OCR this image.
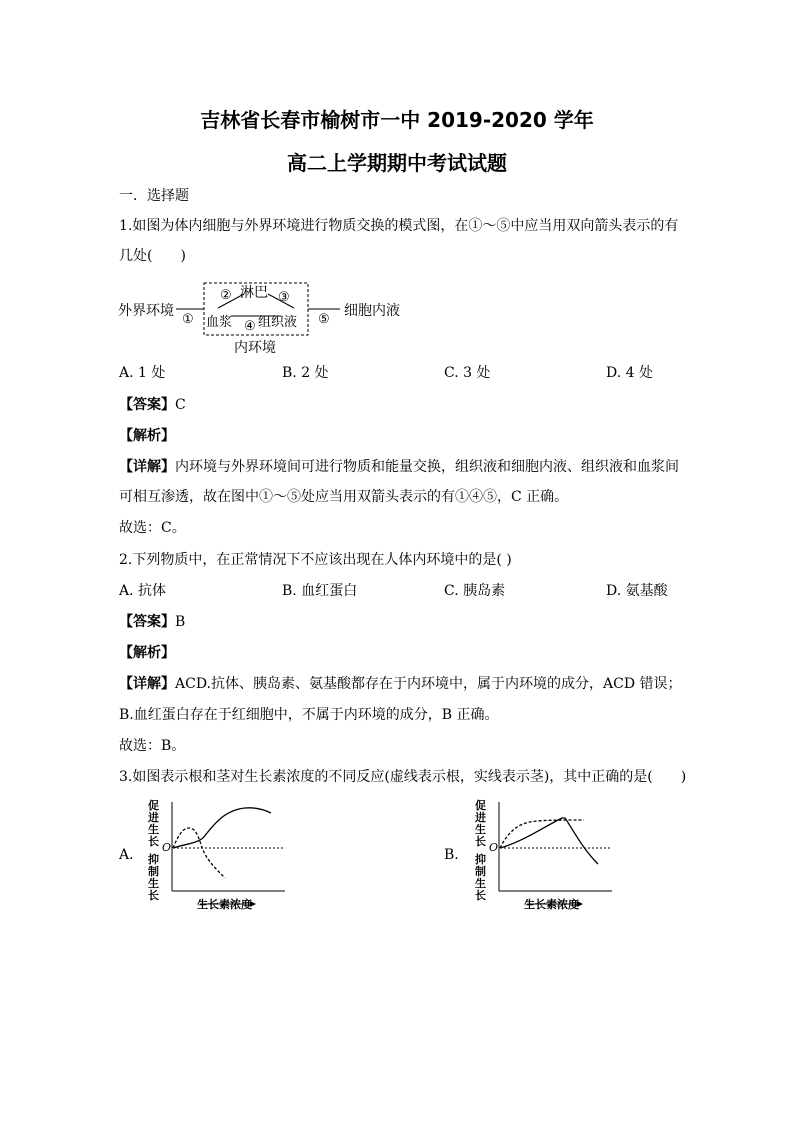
吉林省长春市榆树市一中 2019-2020 学年
高二上学期期中考试试题
一．选择题
1.如图为体内细胞与外界环境进行物质交换的模式图，在①～⑤中应当用双向箭头表示的有
几处(　　)
外界环境
淋巴
血浆 组织液
细胞内液
内环境
①
②	③
④	⑤
A. 1 处	B. 2 处	C. 3 处	D. 4 处
【答案】C
【解析】
【详解】内环境与外界环境间可进行物质和能量交换，组织液和细胞内液、组织液和血浆间
可相互渗透，故在图中①～⑤处应当用双箭头表示的有①④⑤，C 正确。
故选：C。
2.下列物质中，在正常情况下不应该出现在人体内环境中的是( )
A. 抗体	B. 血红蛋白	C. 胰岛素	D. 氨基酸
【答案】B
【解析】
【详解】ACD.抗体、胰岛素、氨基酸都存在于内环境中，属于内环境的成分，ACD 错误；
B.血红蛋白存在于红细胞中，不属于内环境的成分，B 正确。
故选：B。
3.如图表示根和茎对生长素浓度的不同反应(虚线表示根，实线表示茎)，其中正确的是(　　)
A.
促进生长
抑制生长
O
生长素浓度
B.
促进生长
抑制生长
O
生长素浓度
